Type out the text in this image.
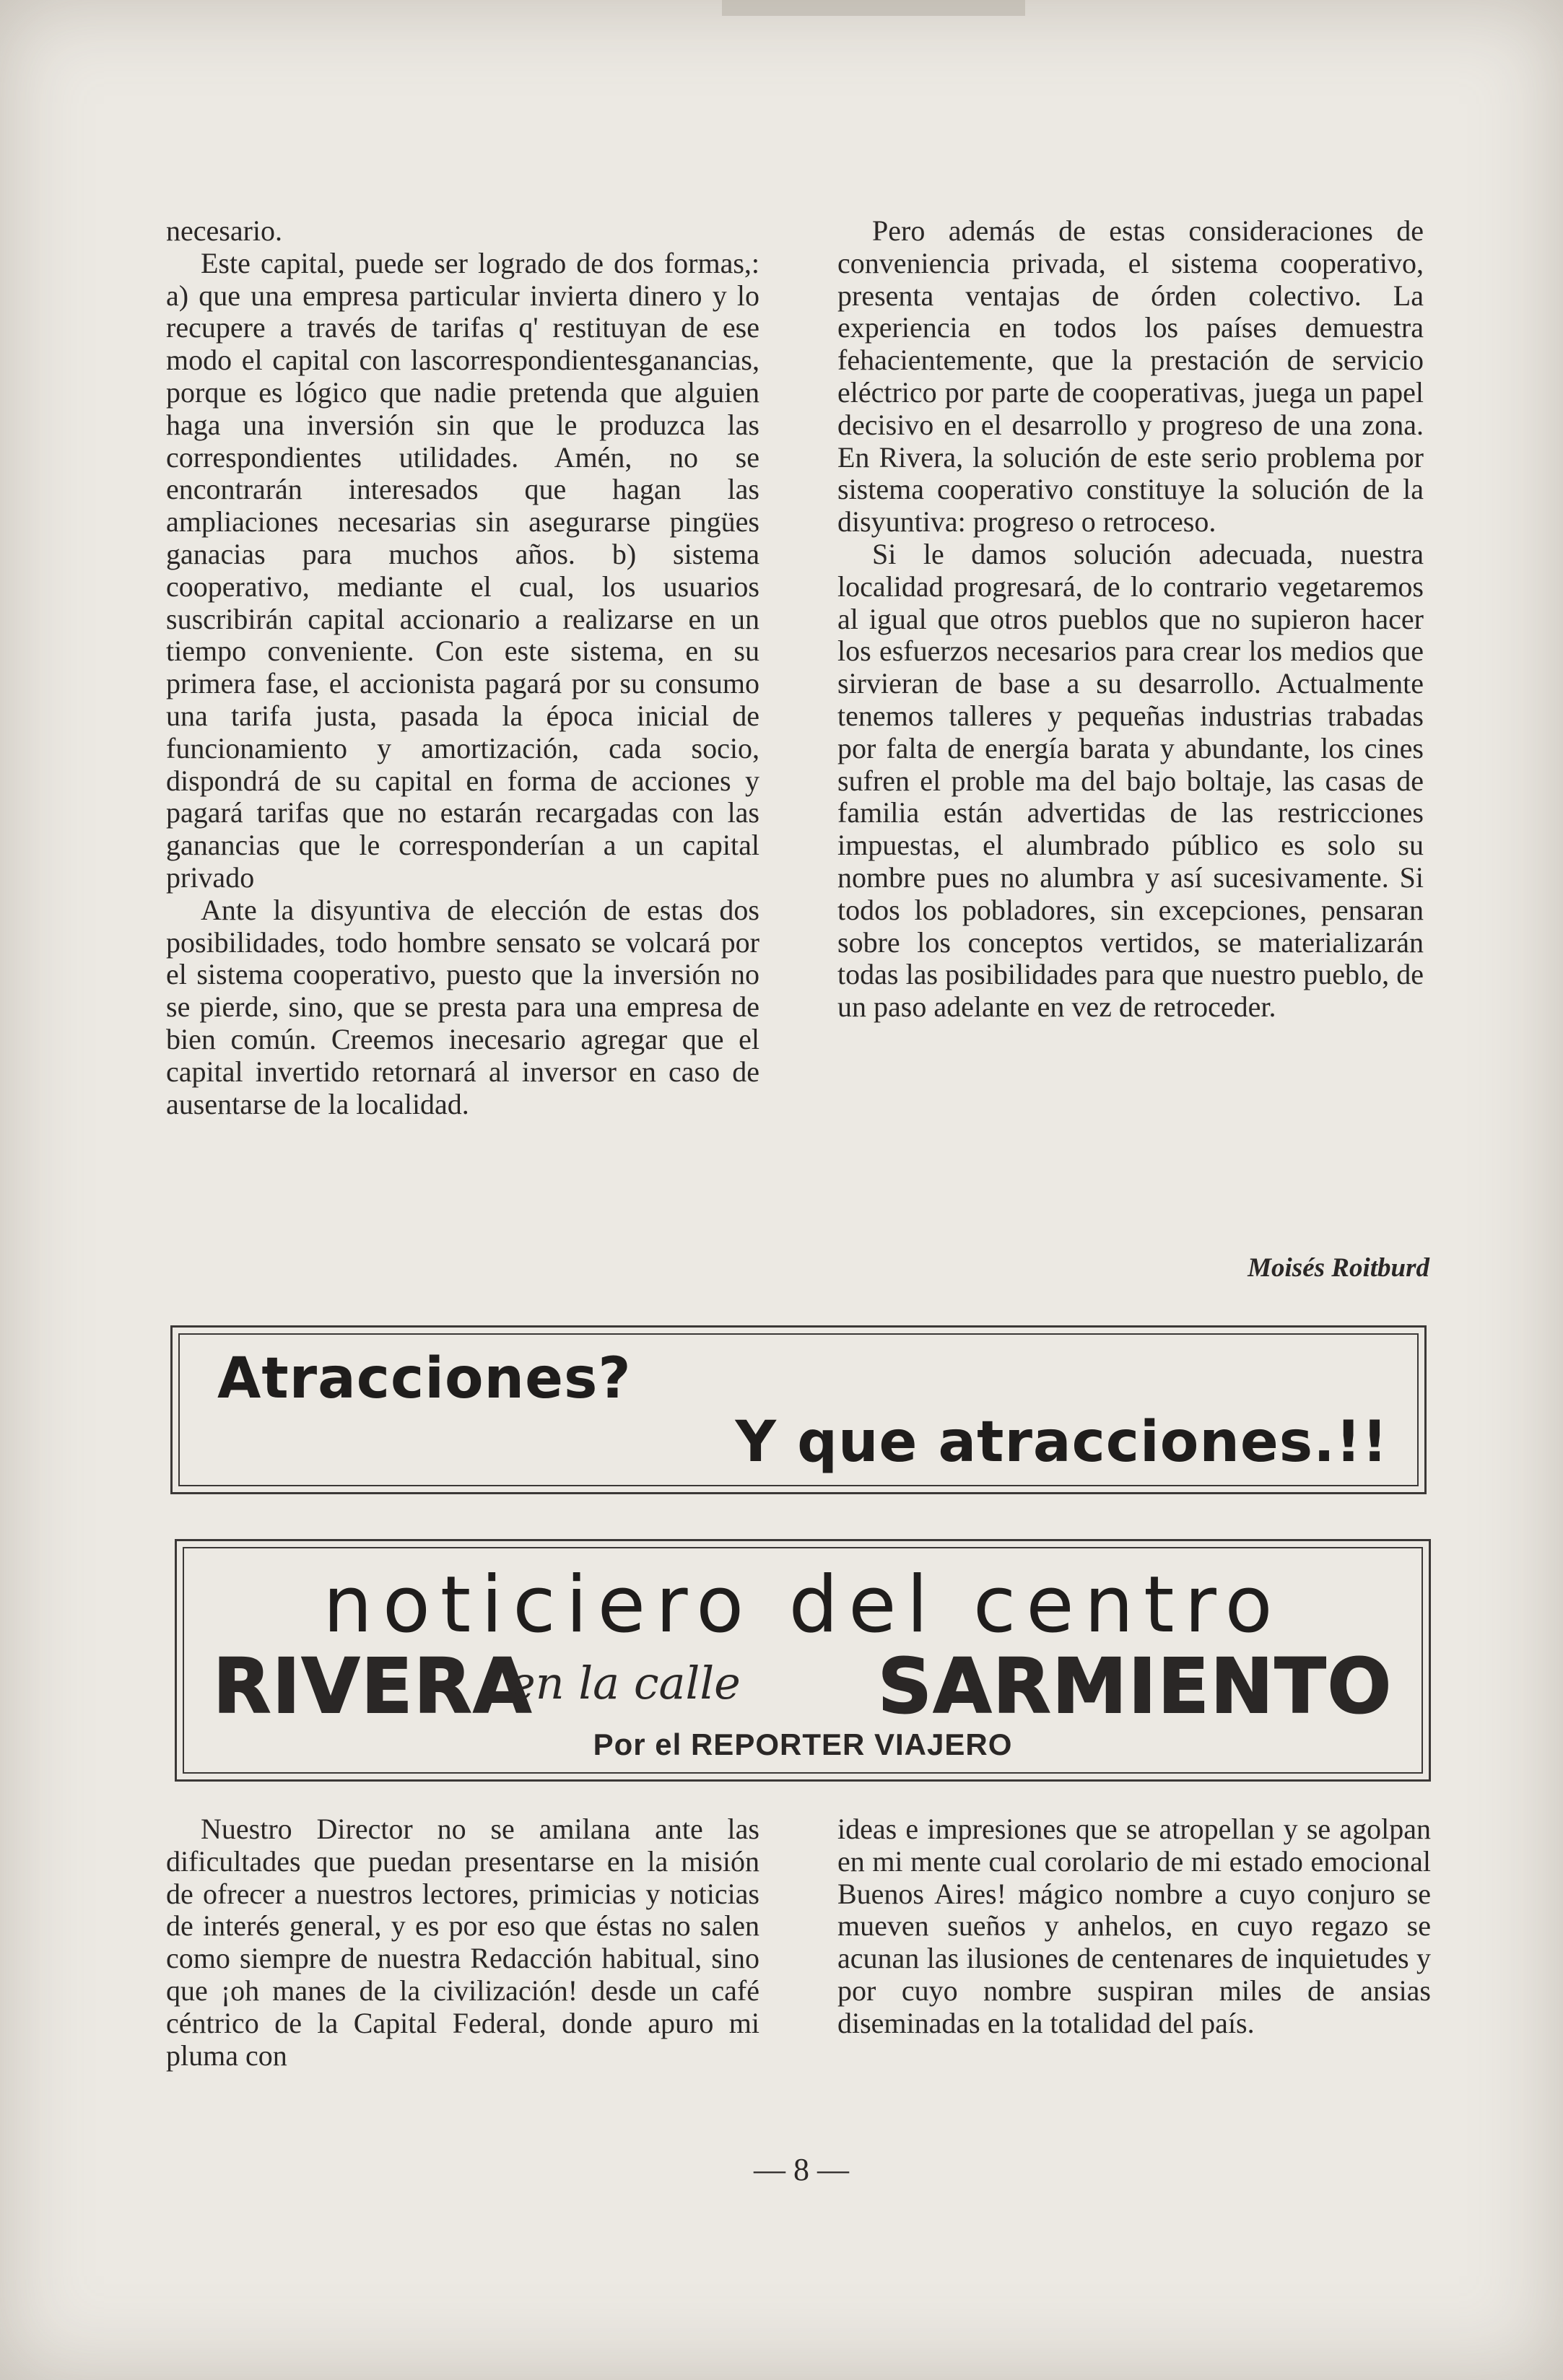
necesario.

Este capital, puede ser logrado de dos formas,: a) que una empresa particular invierta dinero y lo recupere a través de tarifas q' restituyan de ese modo el capital con lascorrespondientesganancias, porque es lógico que nadie pretenda que alguien haga una inversión sin que le produzca las correspondientes utilidades. Amén, no se encontrarán interesados que hagan las ampliaciones necesarias sin asegurarse pingües ganacias para muchos años. b) sistema cooperativo, mediante el cual, los usuarios suscribirán capital accionario a realizarse en un tiempo conveniente. Con este sistema, en su primera fase, el accionista pagará por su consumo una tarifa justa, pasada la época inicial de funcionamiento y amortización, cada socio, dispondrá de su capital en forma de acciones y pagará tarifas que no estarán recargadas con las ganancias que le corresponderían a un capital privado

Ante la disyuntiva de elección de estas dos posibilidades, todo hombre sensato se volcará por el sistema cooperativo, puesto que la inversión no se pierde, sino, que se presta para una empresa de bien común. Creemos inecesario agregar que el capital invertido retornará al inversor en caso de ausentarse de la localidad.

Pero además de estas consideraciones de conveniencia privada, el sistema cooperativo, presenta ventajas de órden colectivo. La experiencia en todos los países demuestra fehacientemente, que la prestación de servicio eléctrico por parte de cooperativas, juega un papel decisivo en el desarrollo y progreso de una zona. En Rivera, la solución de este serio problema por sistema cooperativo constituye la solución de la disyuntiva: progreso o retroceso.

Si le damos solución adecuada, nuestra localidad progresará, de lo contrario vegetaremos al igual que otros pueblos que no supieron hacer los esfuerzos necesarios para crear los medios que sirvieran de base a su desarrollo. Actualmente tenemos talleres y pequeñas industrias trabadas por falta de energía barata y abundante, los cines sufren el proble ma del bajo boltaje, las casas de familia están advertidas de las restricciones impuestas, el alumbrado público es solo su nombre pues no alumbra y así sucesivamente. Si todos los pobladores, sin excepciones, pensaran sobre los conceptos vertidos, se materializarán todas las posibilidades para que nuestro pueblo, de un paso adelante en vez de retroceder.

Moisés Roitburd
Atracciones?
Y que atracciones.!!
noticiero del centro
RIVERA
en la calle SARMIENTO
Por el REPORTER VIAJERO

Nuestro Director no se amilana ante las dificultades que puedan presentarse en la misión de ofrecer a nuestros lectores, primicias y noticias de interés general, y es por eso que éstas no salen como siempre de nuestra Redacción habitual, sino que ¡oh manes de la civilización! desde un café céntrico de la Capital Federal, donde apuro mi pluma con

ideas e impresiones que se atropellan y se agolpan en mi mente cual corolario de mi estado emocional Buenos Aires! mágico nombre a cuyo conjuro se mueven sueños y anhelos, en cuyo regazo se acunan las ilusiones de centenares de inquietudes y por cuyo nombre suspiran miles de ansias diseminadas en la totalidad del país.

— 8 —
